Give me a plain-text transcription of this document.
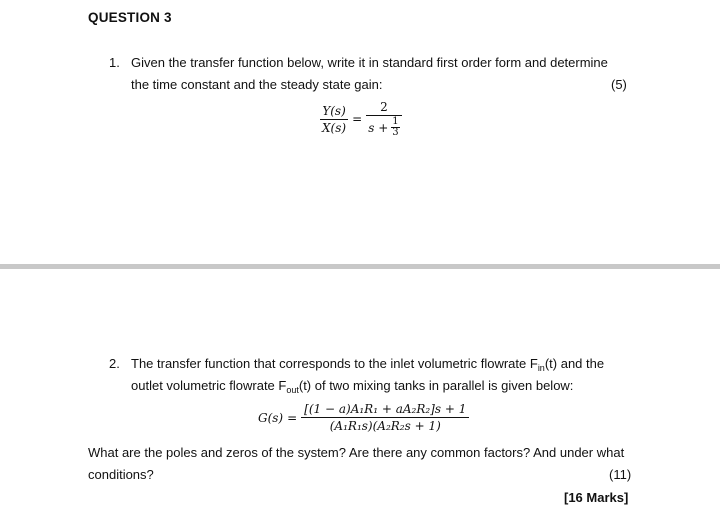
QUESTION 3
1. Given the transfer function below, write it in standard first order form and determine
the time constant and the steady state gain:	(5)
$\frac{Y(s)}{X(s)} = \frac{2}{s + \frac{1}{3}}$
2. The transfer function that corresponds to the inlet volumetric flowrate $F_{in}(t)$ and the
outlet volumetric flowrate $F_{out}(t)$ of two mixing tanks in parallel is given below:
$G(s) = \frac{\text{[(1 − a)A₁R₁ + aA₂R₂]s + 1}}{\text{(A₁R₁s)(A₂R₂s + 1)}}$
What are the poles and zeros of the system? Are there any common factors? And under what
conditions?	(11)
[16 Marks]
